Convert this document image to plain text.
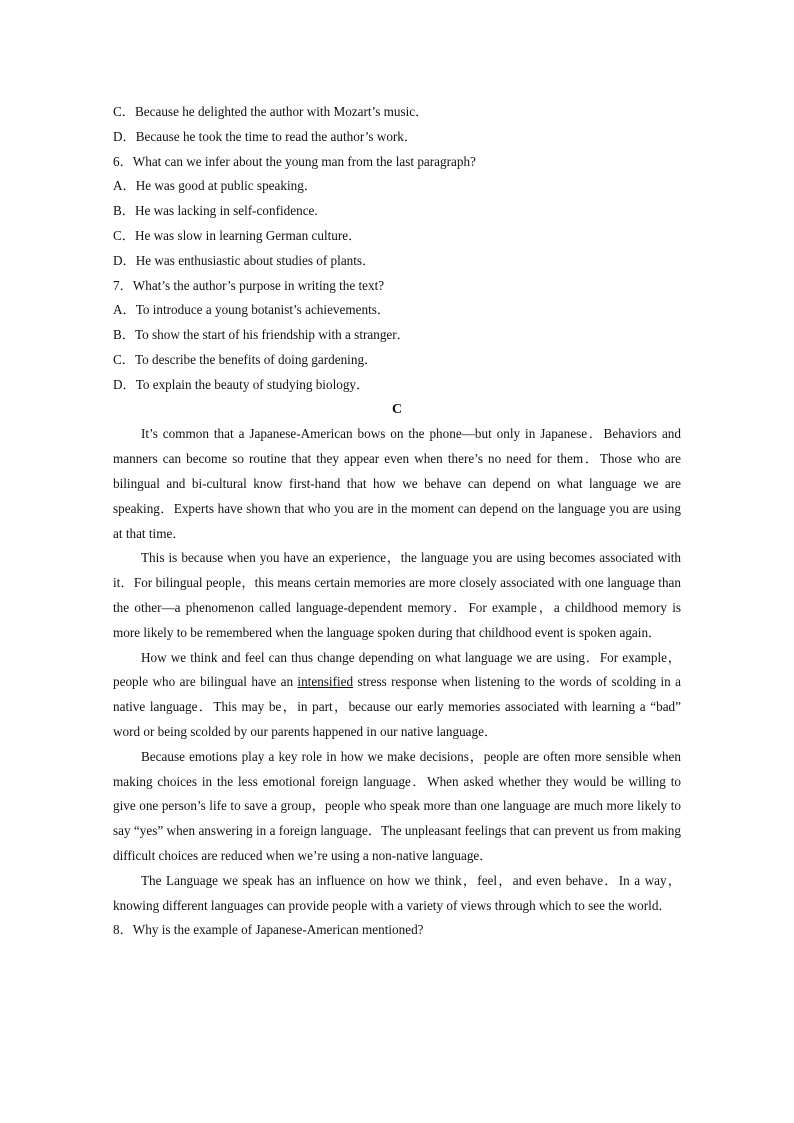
C．Because he delighted the author with Mozart’s music．

D．Because he took the time to read the author’s work．

6．What can we infer about the young man from the last paragraph?

A．He was good at public speaking．

B．He was lacking in self-confidence.

C．He was slow in learning German culture．

D．He was enthusiastic about studies of plants．

7．What’s the author’s purpose in writing the text?

A．To introduce a young botanist’s achievements．

B．To show the start of his friendship with a stranger．

C．To describe the benefits of doing gardening．

D．To explain the beauty of studying biology．

C

It’s common that a Japanese-American bows on the phone—but only in Japanese．Behaviors and manners can become so routine that they appear even when there’s no need for them．Those who are bilingual and bi-cultural know first-hand that how we behave can depend on what language we are speaking．Experts have shown that who you are in the moment can depend on the language you are using at that time．

This is because when you have an experience，the language you are using becomes associated with it．For bilingual people，this means certain memories are more closely associated with one language than the other—a phenomenon called language-dependent memory．For example，a childhood memory is more likely to be remembered when the language spoken during that childhood event is spoken again．

How we think and feel can thus change depending on what language we are using．For example，people who are bilingual have an intensified stress response when listening to the words of scolding in a native language．This may be，in part，because our early memories associated with learning a “bad” word or being scolded by our parents happened in our native language．

Because emotions play a key role in how we make decisions，people are often more sensible when making choices in the less emotional foreign language．When asked whether they would be willing to give one person’s life to save a group，people who speak more than one language are much more likely to say “yes” when answering in a foreign language．The unpleasant feelings that can prevent us from making difficult choices are reduced when we’re using a non-native language．

The Language we speak has an influence on how we think，feel，and even behave．In a way，knowing different languages can provide people with a variety of views through which to see the world．

8．Why is the example of Japanese-American mentioned?
